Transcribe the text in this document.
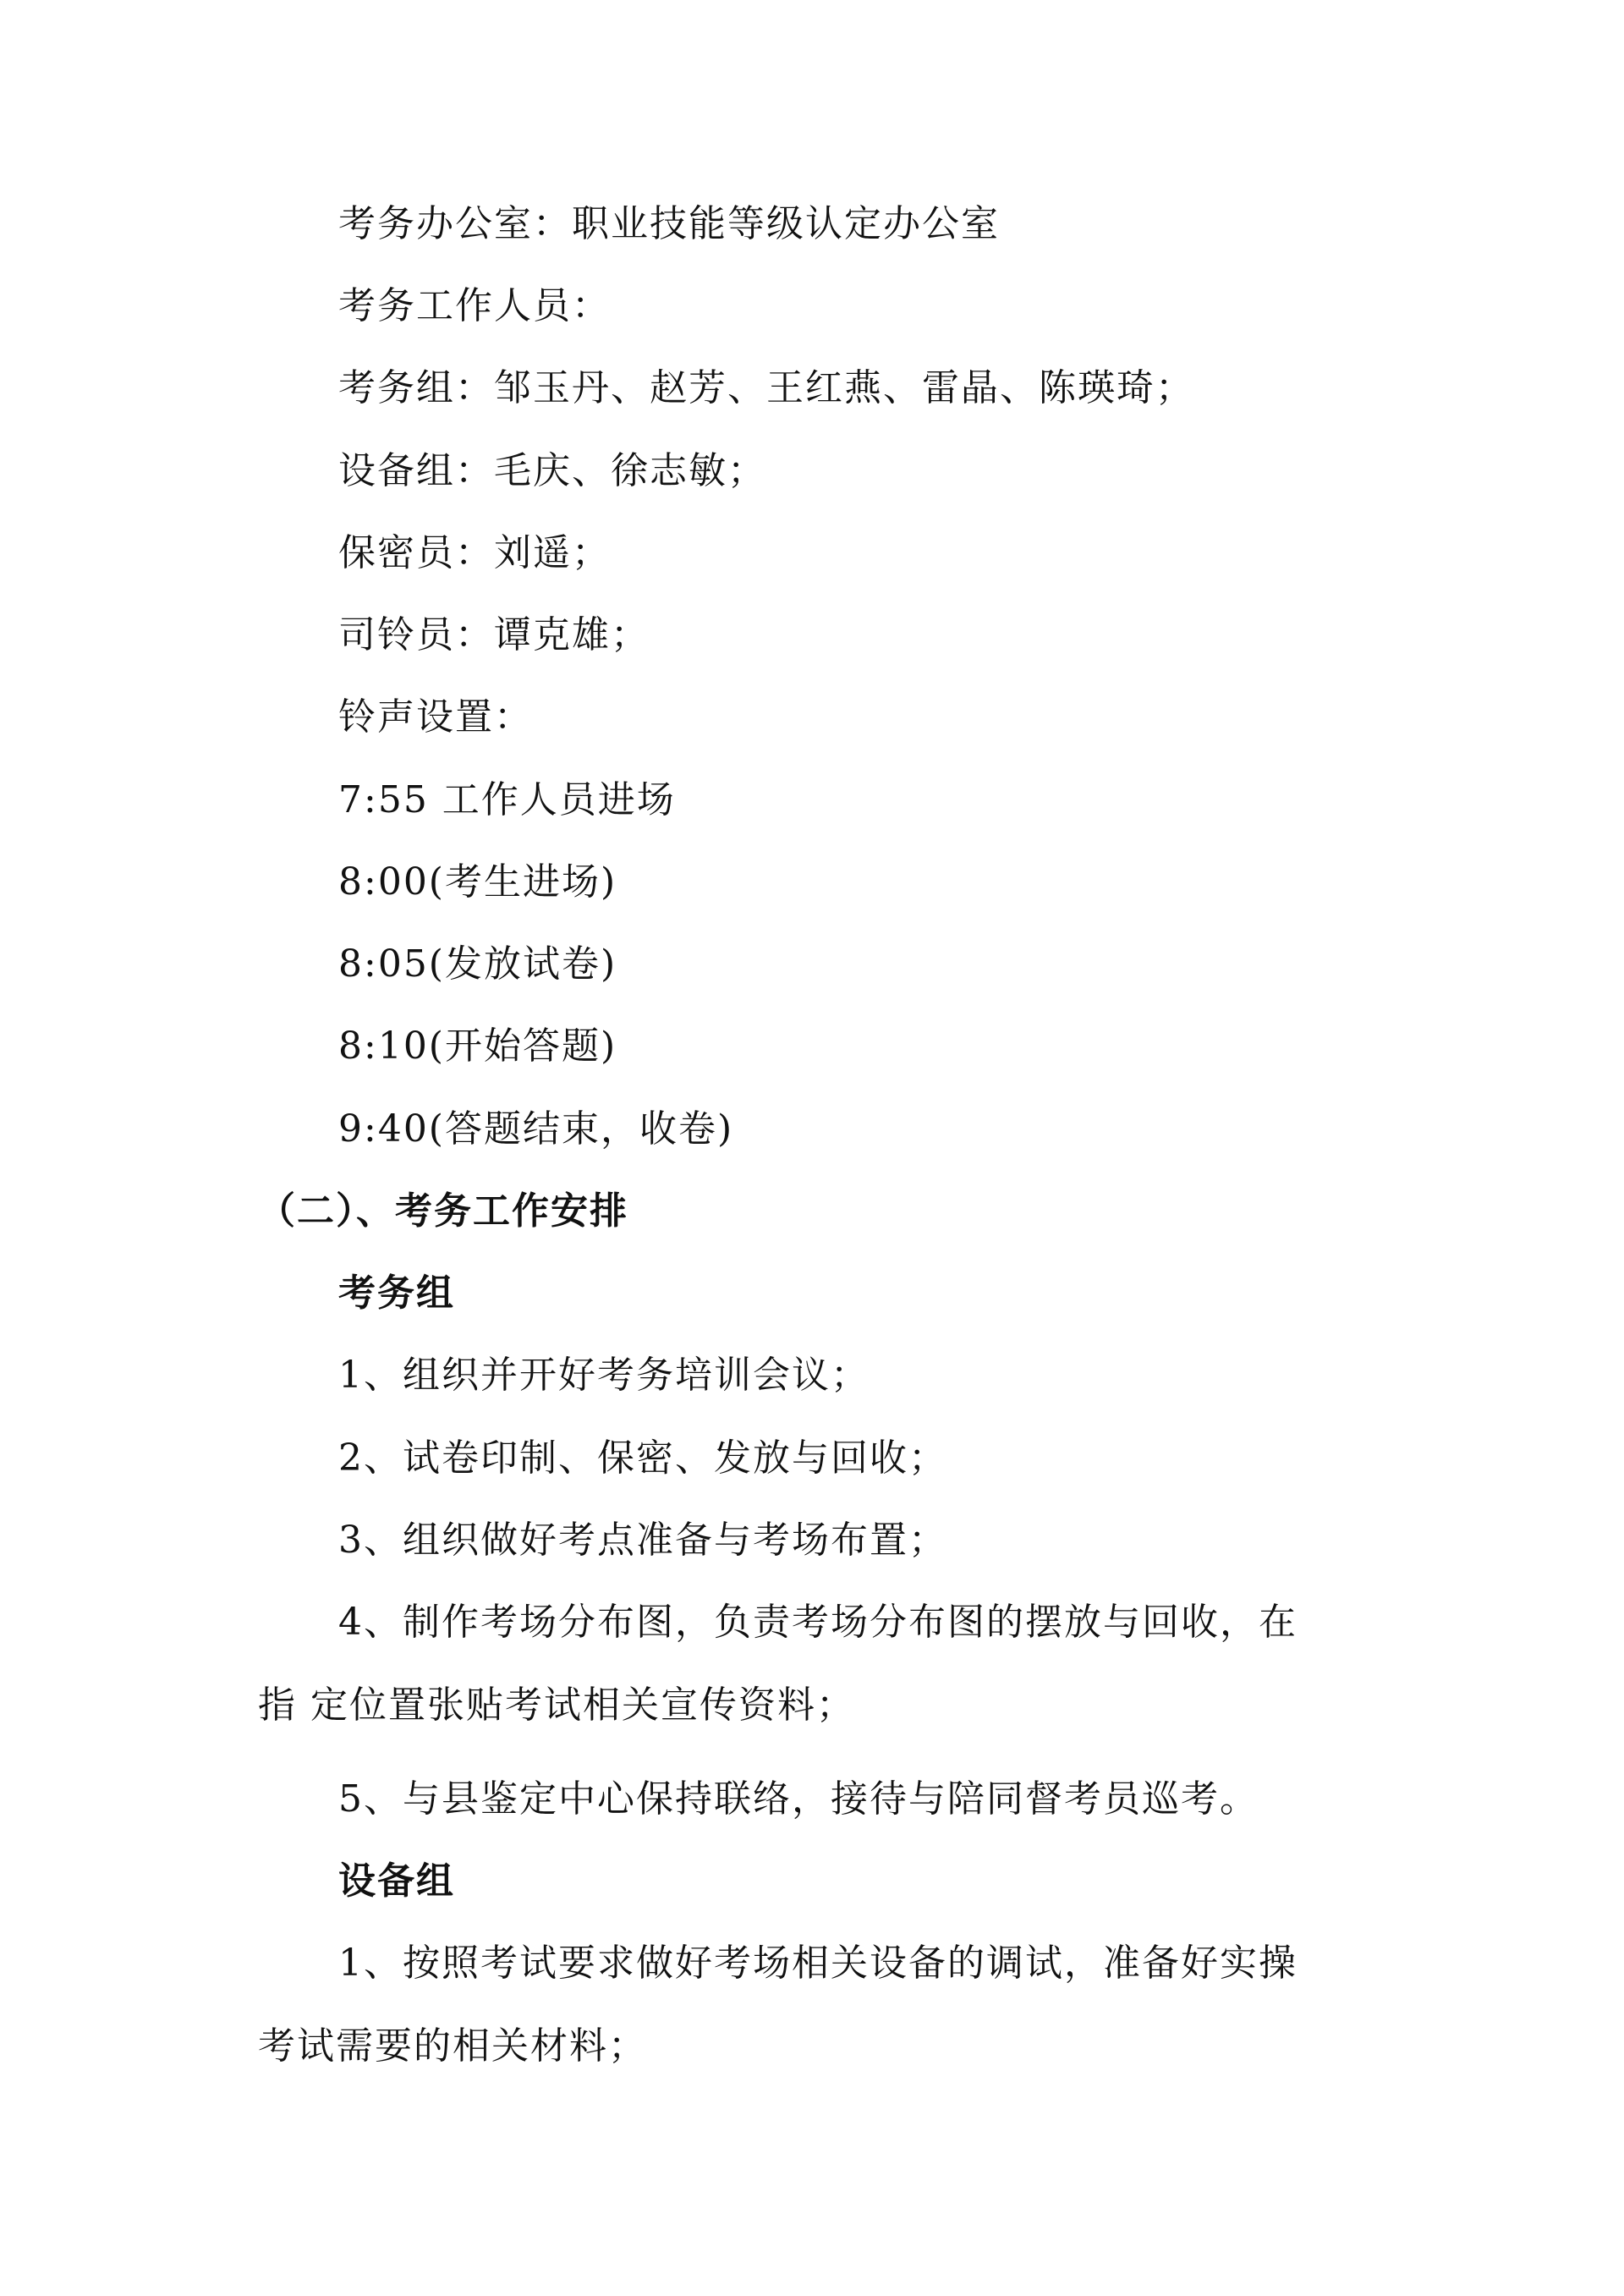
考务办公室：职业技能等级认定办公室
考务工作人员：
考务组：邹玉丹、赵芳、王红燕、雷晶、陈瑛琦；
设备组：毛庆、徐志敏；
保密员：刘遥；
司铃员：谭克雄；
铃声设置：
7:55 工作人员进场
8:00(考生进场)
8:05(发放试卷)
8:10(开始答题)
9:40(答题结束，收卷)
（二）、考务工作安排
考务组
1、组织并开好考务培训会议；
2、试卷印制、保密、发放与回收；
3、组织做好考点准备与考场布置；
4、制作考场分布图，负责考场分布图的摆放与回收，在
指 定位置张贴考试相关宣传资料；
5、与县鉴定中心保持联络，接待与陪同督考员巡考。
设备组
1、按照考试要求做好考场相关设备的调试，准备好实操
考试需要的相关材料；
